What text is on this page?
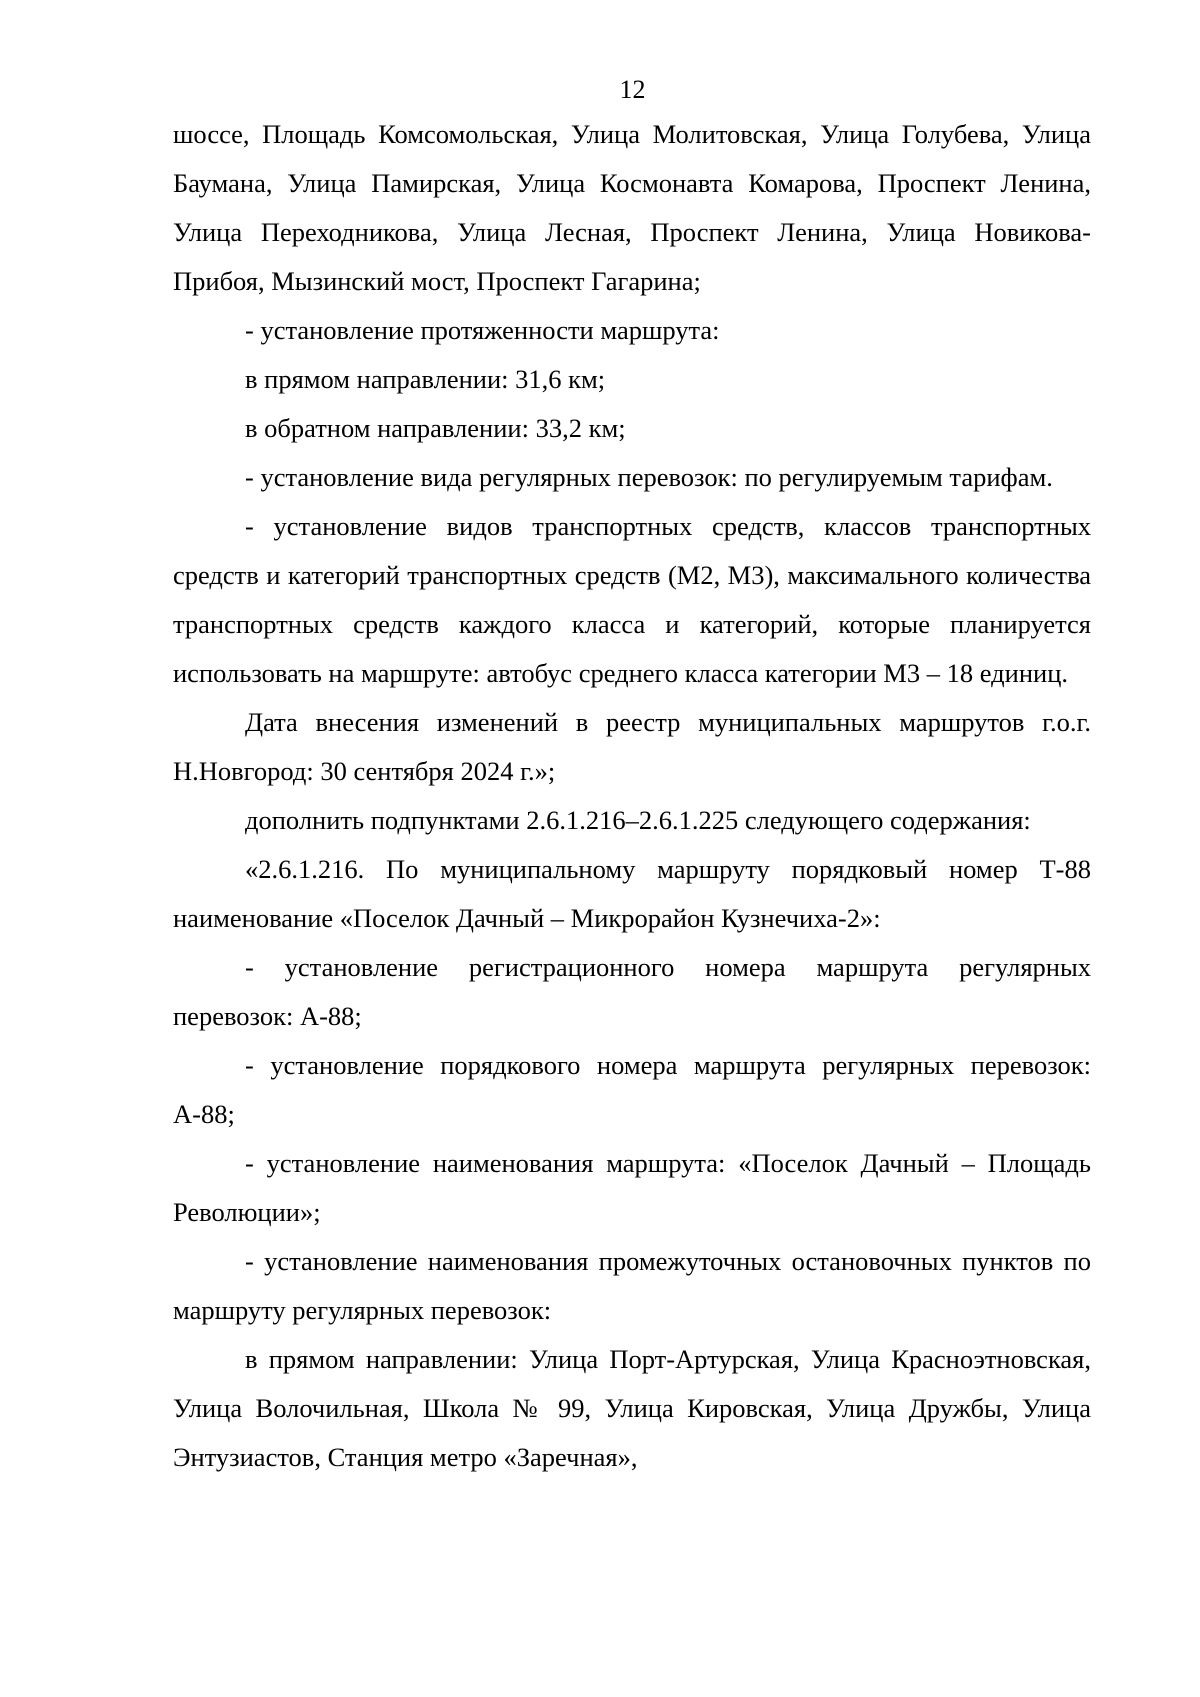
12

шоссе, Площадь Комсомольская, Улица Молитовская, Улица Голубева, Улица Баумана, Улица Памирская, Улица Космонавта Комарова, Проспект Ленина, Улица Переходникова, Улица Лесная, Проспект Ленина, Улица Новикова-Прибоя, Мызинский мост, Проспект Гагарина;

- установление протяженности маршрута:

в прямом направлении: 31,6 км;

в обратном направлении: 33,2 км;

- установление вида регулярных перевозок: по регулируемым тарифам.

- установление видов транспортных средств, классов транспортных средств и категорий транспортных средств (М2, М3), максимального количества транспортных средств каждого класса и категорий, которые планируется использовать на маршруте: автобус среднего класса категории М3 – 18 единиц.

Дата внесения изменений в реестр муниципальных маршрутов г.о.г. Н.Новгород: 30 сентября 2024 г.»;

дополнить подпунктами 2.6.1.216–2.6.1.225 следующего содержания:

«2.6.1.216. По муниципальному маршруту порядковый номер Т-88 наименование «Поселок Дачный – Микрорайон Кузнечиха-2»:

- установление регистрационного номера маршрута регулярных перевозок: А-88;

- установление порядкового номера маршрута регулярных перевозок: А-88;

- установление наименования маршрута: «Поселок Дачный – Площадь Революции»;

- установление наименования промежуточных остановочных пунктов по маршруту регулярных перевозок:

в прямом направлении: Улица Порт-Артурская, Улица Красноэтновская, Улица Волочильная, Школа № 99, Улица Кировская, Улица Дружбы, Улица Энтузиастов, Станция метро «Заречная»,
